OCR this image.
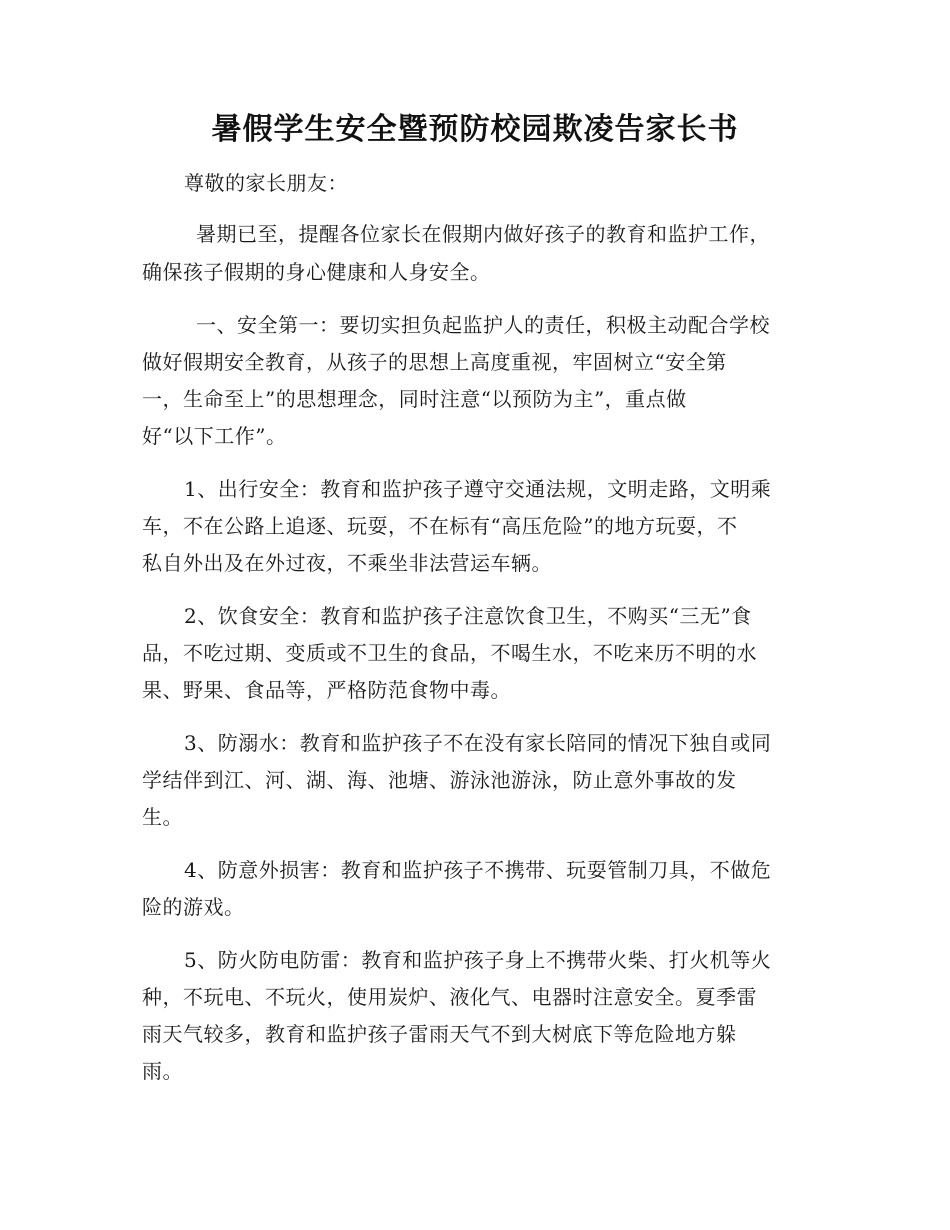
暑假学生安全暨预防校园欺凌告家长书

尊敬的家长朋友：

暑期已至，提醒各位家长在假期内做好孩子的教育和监护工作，

确保孩子假期的身心健康和人身安全。

一、安全第一：要切实担负起监护人的责任，积极主动配合学校

做好假期安全教育，从孩子的思想上高度重视，牢固树立“安全第

一，生命至上”的思想理念，同时注意“以预防为主”，重点做

好“以下工作”。

1、出行安全：教育和监护孩子遵守交通法规，文明走路，文明乘

车，不在公路上追逐、玩耍，不在标有“高压危险”的地方玩耍，不

私自外出及在外过夜，不乘坐非法营运车辆。

2、饮食安全：教育和监护孩子注意饮食卫生，不购买“三无”食

品，不吃过期、变质或不卫生的食品，不喝生水，不吃来历不明的水

果、野果、食品等，严格防范食物中毒。

3、防溺水：教育和监护孩子不在没有家长陪同的情况下独自或同

学结伴到江、河、湖、海、池塘、游泳池游泳，防止意外事故的发

生。

4、防意外损害：教育和监护孩子不携带、玩耍管制刀具，不做危

险的游戏。

5、防火防电防雷：教育和监护孩子身上不携带火柴、打火机等火

种，不玩电、不玩火，使用炭炉、液化气、电器时注意安全。夏季雷

雨天气较多，教育和监护孩子雷雨天气不到大树底下等危险地方躲

雨。
